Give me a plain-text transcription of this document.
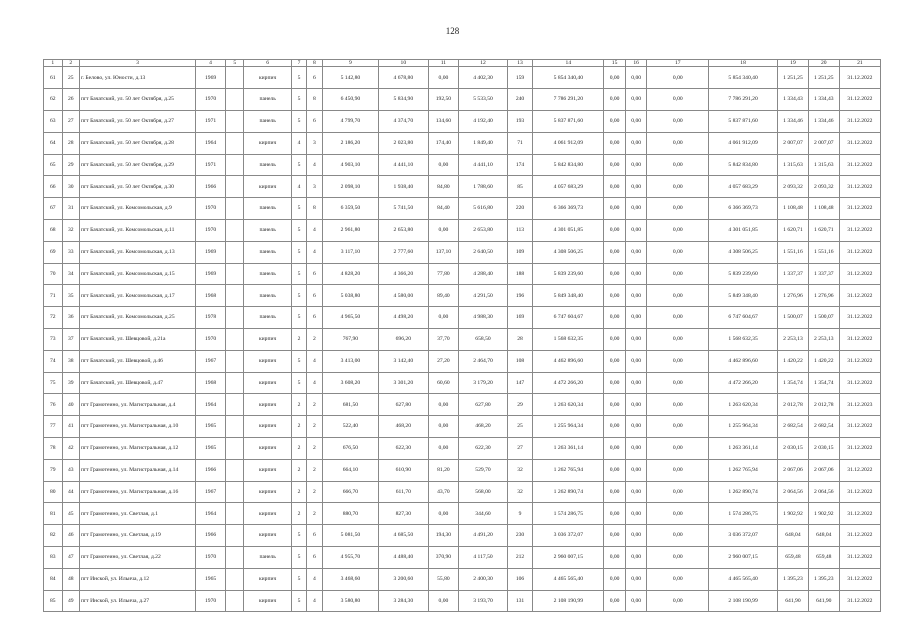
128
1	2	3	4	5	6	7	8	9	10	11	12	13	14	15	16	17	18	19	20	21
61	25	г. Белово, ул. Юности, д.13	1969		кирпич	5	6	5 142,80	4 678,80	0,00	4 402,30	159	5 854 340,40	0,00	0,00	0,00	5 854 340,40	1 251,25	1 251,25	31.12.2022
62	26	пгт Бачатский, ул. 50 лет Октября, д.25	1970		панель	5	8	6 450,90	5 834,90	192,50	5 533,50	240	7 786 291,20	0,00	0,00	0,00	7 786 291,20	1 334,43	1 334,43	31.12.2022
63	27	пгт Бачатский, ул. 50 лет Октября, д.27	1971		панель	5	6	4 799,70	4 374,70	134,60	4 192,40	193	5 837 871,60	0,00	0,00	0,00	5 837 871,60	1 334,46	1 334,46	31.12.2022
64	28	пгт Бачатский, ул. 50 лет Октября, д.28	1964		кирпич	4	3	2 186,20	2 023,80	174,40	1 849,40	71	4 061 912,09	0,00	0,00	0,00	4 061 912,09	2 007,07	2 007,07	31.12.2022
65	29	пгт Бачатский, ул. 50 лет Октября, д.29	1971		панель	5	4	4 903,10	4 441,10	0,00	4 441,10	174	5 842 834,80	0,00	0,00	0,00	5 842 834,80	1 315,63	1 315,63	31.12.2022
66	30	пгт Бачатский, ул. 50 лет Октября, д.30	1966		кирпич	4	3	2 098,10	1 938,40	84,80	1 788,60	85	4 057 683,29	0,00	0,00	0,00	4 057 683,29	2 093,32	2 093,32	31.12.2022
67	31	пгт Бачатский, ул. Комсомольская, д.9	1970		панель	5	8	6 359,50	5 741,50	84,40	5 616,80	220	6 366 369,73	0,00	0,00	0,00	6 366 369,73	1 108,48	1 108,48	31.12.2022
68	32	пгт Бачатский, ул. Комсомольская, д.11	1970		панель	5	4	2 961,80	2 653,80	0,00	2 653,80	113	4 301 051,85	0,00	0,00	0,00	4 301 051,85	1 620,71	1 620,71	31.12.2022
69	33	пгт Бачатский, ул. Комсомольская, д.13	1969		панель	5	4	3 117,10	2 777,60	137,10	2 640,50	109	4 308 506,25	0,00	0,00	0,00	4 308 506,25	1 551,16	1 551,16	31.12.2022
70	34	пгт Бачатский, ул. Комсомольская, д.15	1969		панель	5	6	4 828,20	4 366,20	77,80	4 288,40	188	5 839 239,60	0,00	0,00	0,00	5 839 239,60	1 337,37	1 337,37	31.12.2022
71	35	пгт Бачатский, ул. Комсомольская, д.17	1968		панель	5	6	5 038,80	4 580,00	89,40	4 291,50	196	5 849 348,40	0,00	0,00	0,00	5 849 348,40	1 276,96	1 276,96	31.12.2022
72	36	пгт Бачатский, ул. Комсомольская, д.25	1978		панель	5	6	4 965,50	4 498,20	0,00	4 988,30	169	6 747 604,67	0,00	0,00	0,00	6 747 604,67	1 500,07	1 500,07	31.12.2022
73	37	пгт Бачатский, ул. Шевцовой, д.21а	1970		кирпич	2	2	767,90	696,20	37,70	658,50	28	1 568 632,35	0,00	0,00	0,00	1 568 632,35	2 253,13	2 253,13	31.12.2022
74	38	пгт Бачатский, ул. Шевцовой, д.46	1967		кирпич	5	4	3 413,00	3 142,40	27,20	2 464,70	108	4 462 896,60	0,00	0,00	0,00	4 462 896,60	1 420,22	1 420,22	31.12.2022
75	39	пгт Бачатский, ул. Шевцовой, д.47	1968		кирпич	5	4	3 608,20	3 301,20	60,60	3 179,20	147	4 472 266,20	0,00	0,00	0,00	4 472 266,20	1 354,74	1 354,74	31.12.2022
76	40	пгт Грамотеино, ул. Магистральная, д.4	1964		кирпич	2	2	681,50	627,80	0,00	627,80	29	1 263 620,34	0,00	0,00	0,00	1 263 620,34	2 012,78	2 012,78	31.12.2023
77	41	пгт Грамотеино, ул. Магистральная, д.10	1965		кирпич	2	2	522,40	468,20	0,00	468,20	25	1 255 964,34	0,00	0,00	0,00	1 255 964,34	2 682,54	2 682,54	31.12.2022
78	42	пгт Грамотеино, ул. Магистральная, д.12	1965		кирпич	2	2	676,50	622,30	0,00	622,30	27	1 263 361,14	0,00	0,00	0,00	1 263 361,14	2 030,15	2 030,15	31.12.2022
79	43	пгт Грамотеино, ул. Магистральная, д.14	1966		кирпич	2	2	664,10	610,90	81,20	529,70	32	1 262 765,94	0,00	0,00	0,00	1 262 765,94	2 067,06	2 067,06	31.12.2022
80	44	пгт Грамотеино, ул. Магистральная, д.16	1967		кирпич	2	2	666,70	611,70	43,70	568,00	32	1 262 890,74	0,00	0,00	0,00	1 262 890,74	2 064,56	2 064,56	31.12.2022
81	45	пгт Грамотеино, ул. Светлая, д.1	1964		кирпич	2	2	880,70	827,30	0,00	344,60	9	1 574 286,75	0,00	0,00	0,00	1 574 286,75	1 902,92	1 902,92	31.12.2022
82	46	пгт Грамотеино, ул. Светлая, д.19	1966		кирпич	5	6	5 081,50	4 685,50	194,30	4 491,20	230	3 036 372,07	0,00	0,00	0,00	3 036 372,07	648,04	648,04	31.12.2022
83	47	пгт Грамотеино, ул. Светлая, д.22	1970		панель	5	6	4 955,70	4 488,40	370,90	4 117,50	212	2 960 007,15	0,00	0,00	0,00	2 960 007,15	659,48	659,48	31.12.2022
84	48	пгт Инской, ул. Ильича, д.12	1965		кирпич	5	4	3 468,60	3 200,60	55,80	2 400,30	106	4 465 565,40	0,00	0,00	0,00	4 465 565,40	1 395,23	1 395,23	31.12.2022
85	49	пгт Инской, ул. Ильича, д.27	1970		кирпич	5	4	3 580,80	3 284,30	0,00	3 193,70	131	2 108 190,99	0,00	0,00	0,00	2 108 190,99	641,90	641,90	31.12.2022
